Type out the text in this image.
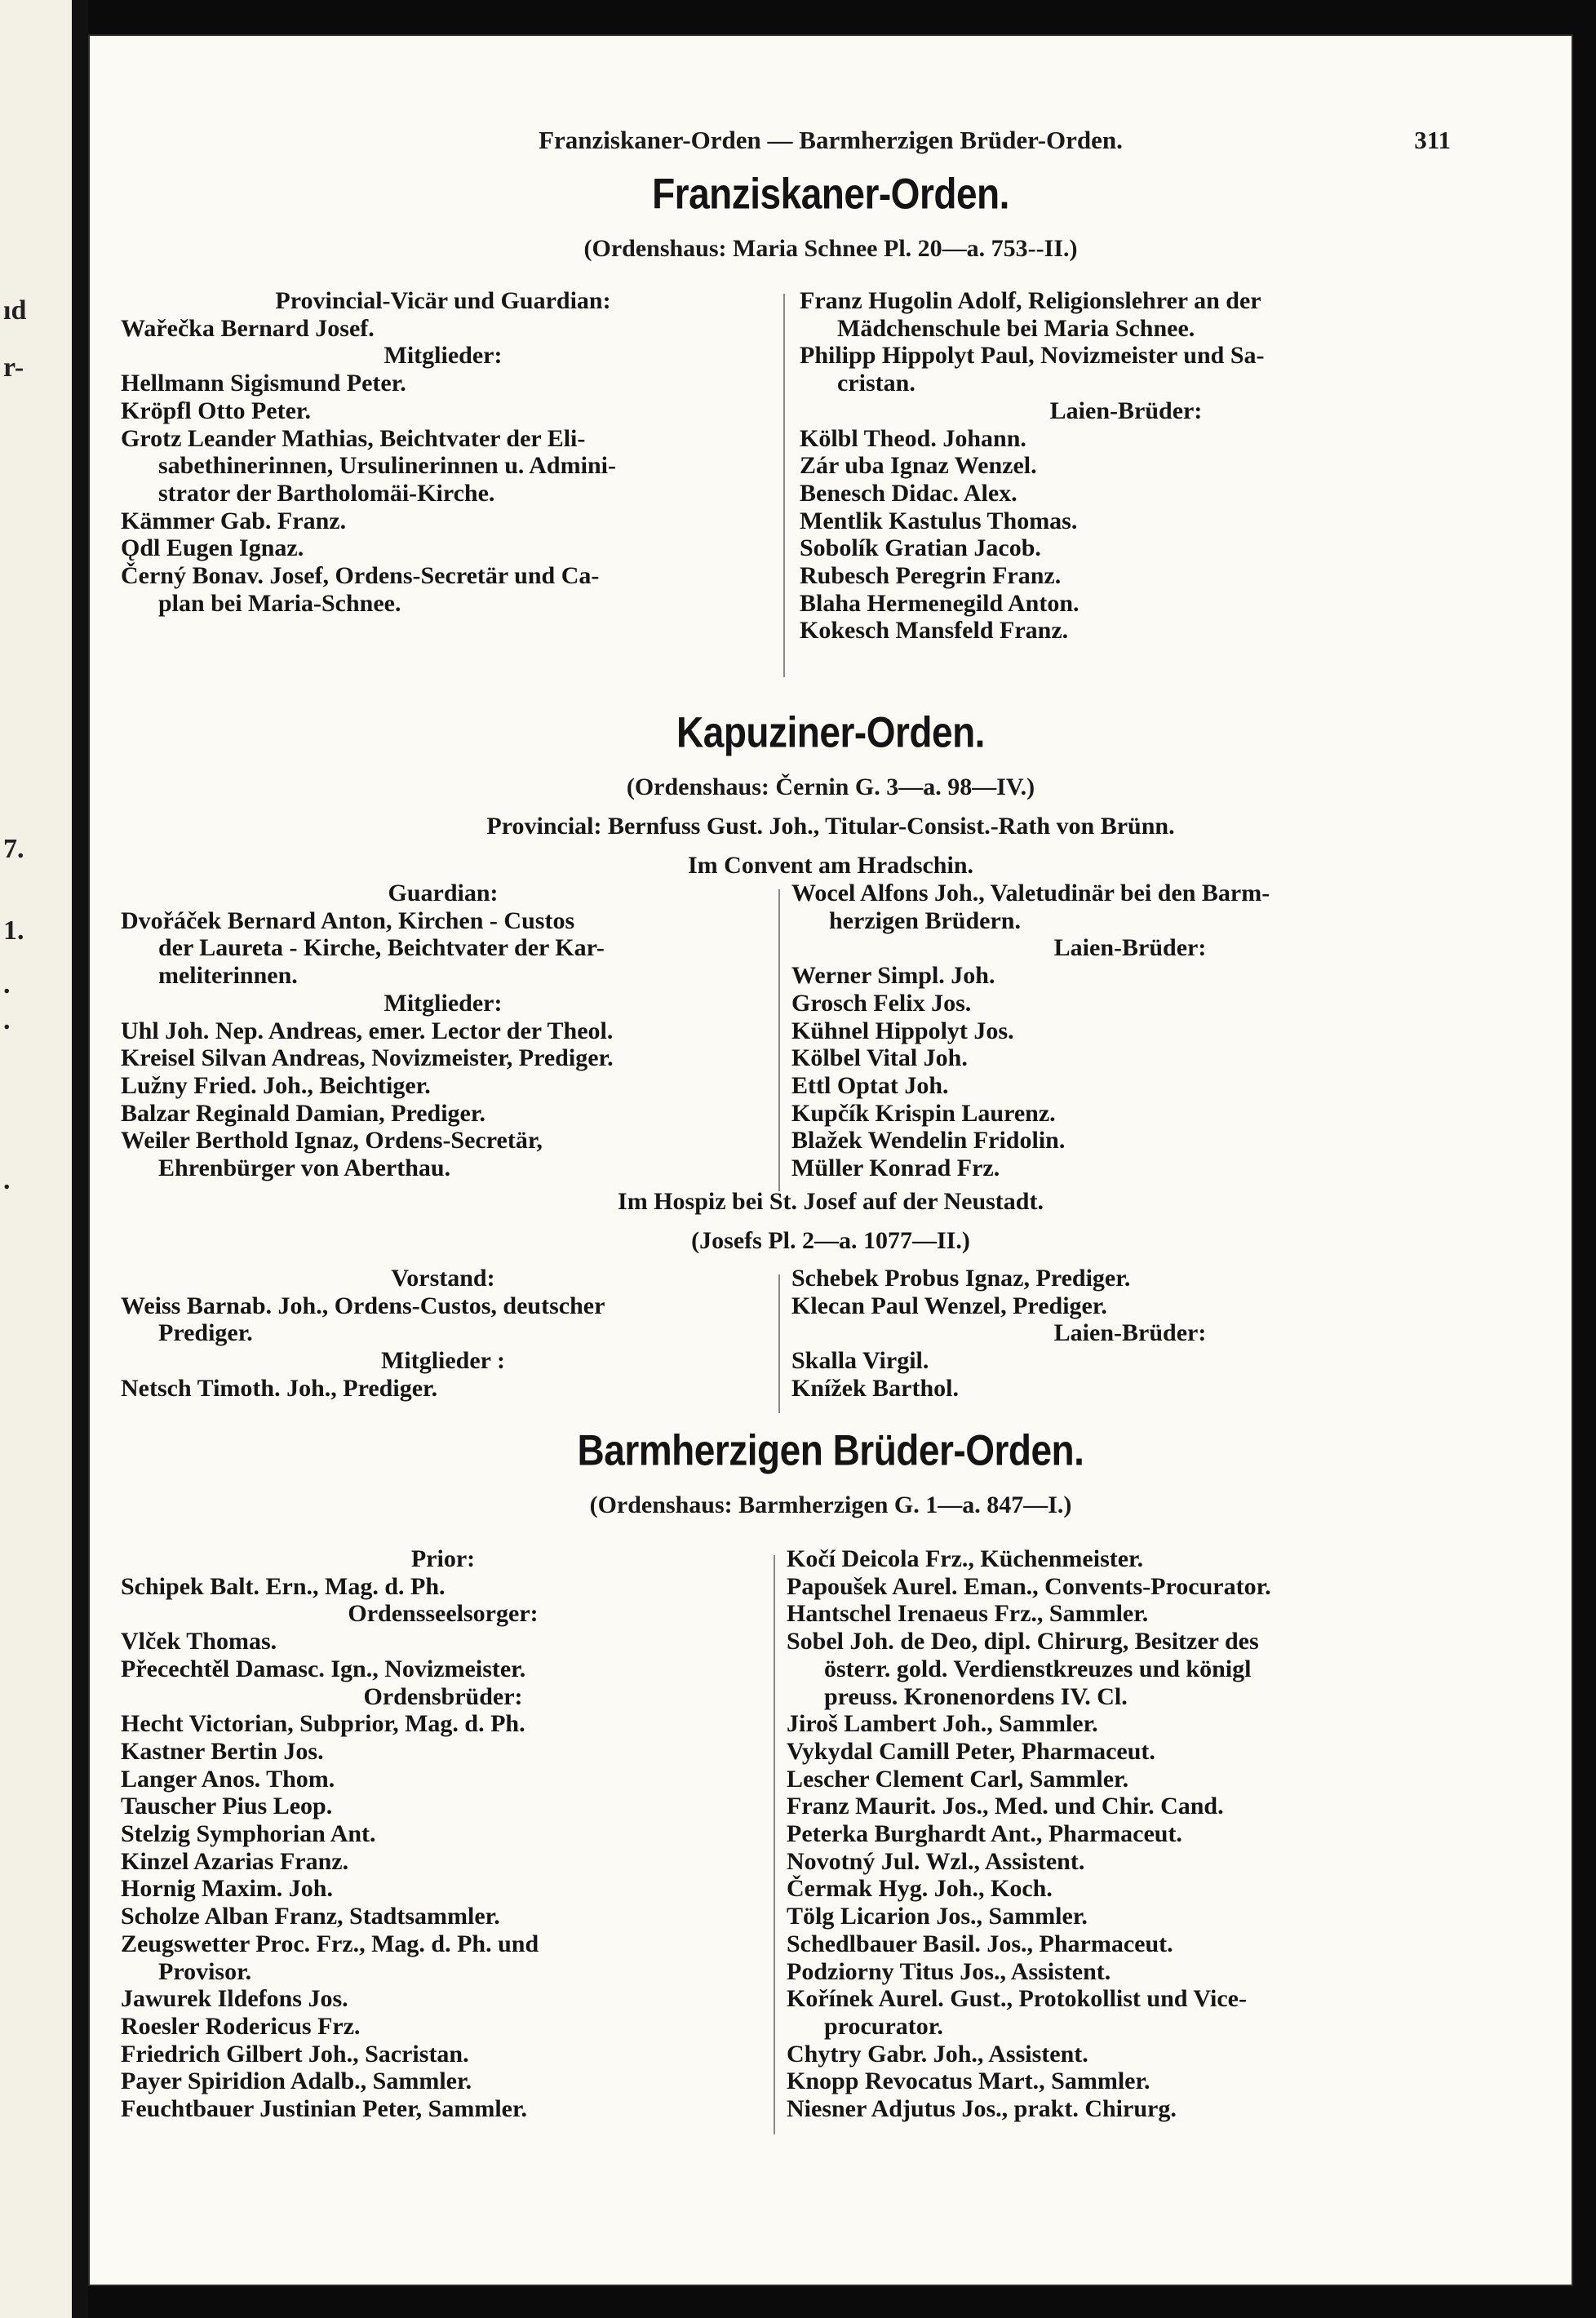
ıd
r-
7.
1.
.
.
.
Franziskaner-Orden — Barmherzigen Brüder-Orden.	311
Franziskaner-Orden.
(Ordenshaus: Maria Schnee Pl. 20—a. 753--II.)
Provincial-Vicär und Guardian:
Wařečka Bernard Josef.
Mitglieder:
Hellmann Sigismund Peter.
Kröpfl Otto Peter.
Grotz Leander Mathias, Beichtvater der Eli-
sabethinerinnen, Ursulinerinnen u. Admini-
strator der Bartholomäi-Kirche.
Kämmer Gab. Franz.
Ǫdl Eugen Ignaz.
Černý Bonav. Josef, Ordens-Secretär und Ca-
plan bei Maria-Schnee.
Franz Hugolin Adolf, Religionslehrer an der
Mädchenschule bei Maria Schnee.
Philipp Hippolyt Paul, Novizmeister und Sa-
cristan.
Laien-Brüder:
Kölbl Theod. Johann.
Zár uba Ignaz Wenzel.
Benesch Didac. Alex.
Mentlik Kastulus Thomas.
Sobolík Gratian Jacob.
Rubesch Peregrin Franz.
Blaha Hermenegild Anton.
Kokesch Mansfeld Franz.
Kapuziner-Orden.
(Ordenshaus: Černin G. 3—a. 98—IV.)
Provincial: Bernfuss Gust. Joh., Titular-Consist.-Rath von Brünn.
Im Convent am Hradschin.
Guardian:
Dvořáček Bernard Anton, Kirchen - Custos
der Laureta - Kirche, Beichtvater der Kar-
meliterinnen.
Mitglieder:
Uhl Joh. Nep. Andreas, emer. Lector der Theol.
Kreisel Silvan Andreas, Novizmeister, Prediger.
Lužny Fried. Joh., Beichtiger.
Balzar Reginald Damian, Prediger.
Weiler Berthold Ignaz, Ordens-Secretär,
Ehrenbürger von Aberthau.
Wocel Alfons Joh., Valetudinär bei den Barm-
herzigen Brüdern.
Laien-Brüder:
Werner Simpl. Joh.
Grosch Felix Jos.
Kühnel Hippolyt Jos.
Kölbel Vital Joh.
Ettl Optat Joh.
Kupčík Krispin Laurenz.
Blažek Wendelin Fridolin.
Müller Konrad Frz.
Im Hospiz bei St. Josef auf der Neustadt.
(Josefs Pl. 2—a. 1077—II.)
Vorstand:
Weiss Barnab. Joh., Ordens-Custos, deutscher
Prediger.
Mitglieder :
Netsch Timoth. Joh., Prediger.
Schebek Probus Ignaz, Prediger.
Klecan Paul Wenzel, Prediger.
Laien-Brüder:
Skalla Virgil.
Knížek Barthol.
Barmherzigen Brüder-Orden.
(Ordenshaus: Barmherzigen G. 1—a. 847—I.)
Prior:
Schipek Balt. Ern., Mag. d. Ph.
Ordensseelsorger:
Vlček Thomas.
Přecechtěl Damasc. Ign., Novizmeister.
Ordensbrüder:
Hecht Victorian, Subprior, Mag. d. Ph.
Kastner Bertin Jos.
Langer Anos. Thom.
Tauscher Pius Leop.
Stelzig Symphorian Ant.
Kinzel Azarias Franz.
Hornig Maxim. Joh.
Scholze Alban Franz, Stadtsammler.
Zeugswetter Proc. Frz., Mag. d. Ph. und
Provisor.
Jawurek Ildefons Jos.
Roesler Rodericus Frz.
Friedrich Gilbert Joh., Sacristan.
Payer Spiridion Adalb., Sammler.
Feuchtbauer Justinian Peter, Sammler.
Kočí Deicola Frz., Küchenmeister.
Papoušek Aurel. Eman., Convents-Procurator.
Hantschel Irenaeus Frz., Sammler.
Sobel Joh. de Deo, dipl. Chirurg, Besitzer des
österr. gold. Verdienstkreuzes und königl
preuss. Kronenordens IV. Cl.
Jiroš Lambert Joh., Sammler.
Vykydal Camill Peter, Pharmaceut.
Lescher Clement Carl, Sammler.
Franz Maurit. Jos., Med. und Chir. Cand.
Peterka Burghardt Ant., Pharmaceut.
Novotný Jul. Wzl., Assistent.
Čermak Hyg. Joh., Koch.
Tölg Licarion Jos., Sammler.
Schedlbauer Basil. Jos., Pharmaceut.
Podziorny Titus Jos., Assistent.
Kořínek Aurel. Gust., Protokollist und Vice-
procurator.
Chytry Gabr. Joh., Assistent.
Knopp Revocatus Mart., Sammler.
Niesner Adjutus Jos., prakt. Chirurg.
